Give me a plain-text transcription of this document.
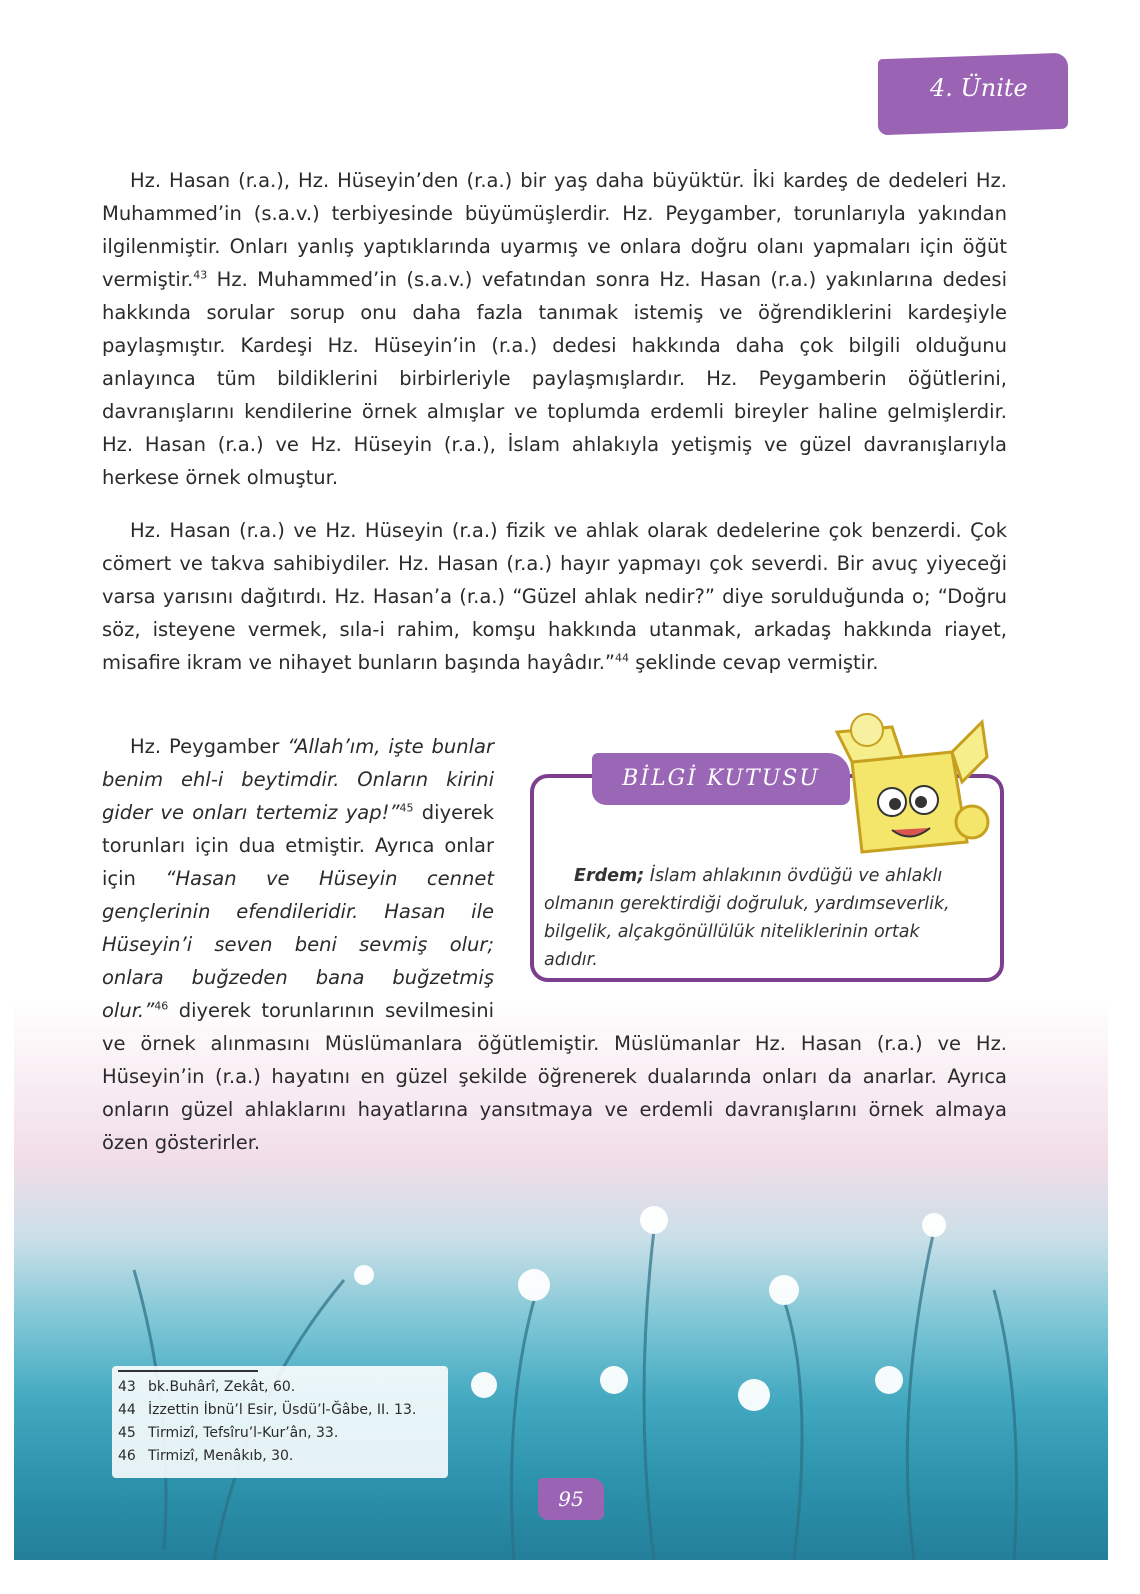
4. Ünite

Hz. Hasan (r.a.), Hz. Hüseyin’den (r.a.) bir yaş daha büyüktür. İki kardeş de dedeleri Hz. Muhammed’in (s.a.v.) terbiyesinde büyümüşlerdir. Hz. Peygamber, torunlarıyla yakından ilgilenmiştir. Onları yanlış yaptıklarında uyarmış ve onlara doğru olanı yapmaları için öğüt vermiştir.$^{43}$ Hz. Muhammed’in (s.a.v.) vefatından sonra Hz. Hasan (r.a.) yakınlarına dedesi hakkında sorular sorup onu daha fazla tanımak istemiş ve öğrendiklerini kardeşiyle paylaşmıştır. Kardeşi Hz. Hüseyin’in (r.a.) dedesi hakkında daha çok bilgili olduğunu anlayınca tüm bildiklerini birbirleriyle paylaşmışlardır. Hz. Peygamberin öğütlerini, davranışlarını kendilerine örnek almışlar ve toplumda erdemli bireyler haline gelmişlerdir. Hz. Hasan (r.a.) ve Hz. Hüseyin (r.a.), İslam ahlakıyla yetişmiş ve güzel davranışlarıyla herkese örnek olmuştur.

Hz. Hasan (r.a.) ve Hz. Hüseyin (r.a.) fizik ve ahlak olarak dedelerine çok benzerdi. Çok cömert ve takva sahibiydiler. Hz. Hasan (r.a.) hayır yapmayı çok severdi. Bir avuç yiyeceği varsa yarısını dağıtırdı. Hz. Hasan’a (r.a.) “Güzel ahlak nedir?” diye sorulduğunda o; “Doğru söz, isteyene vermek, sıla-i rahim, komşu hakkında utanmak, arkadaş hakkında riayet, misafire ikram ve nihayet bunların başında hayâdır.”$^{44}$ şeklinde cevap vermiştir.

Hz. Peygamber “Allah’ım, işte bunlar benim ehl-i beytimdir. Onların kirini gider ve onları tertemiz yap!”$^{45}$ diyerek torunları için dua etmiştir. Ayrıca onlar için “Hasan ve Hüseyin cennet gençlerinin efendileridir. Hasan ile Hüseyin’i seven beni sevmiş olur; onlara buğzeden bana buğzetmiş olur.”$^{46}$ diyerek torunlarının sevilmesini ve örnek alınmasını Müslümanlara öğütlemiştir. Müslümanlar Hz. Hasan (r.a.) ve Hz. Hüseyin’in (r.a.) hayatını en güzel şekilde öğrenerek dualarında onları da anarlar. Ayrıca onların güzel ahlaklarını hayatlarına yansıtmaya ve erdemli davranışlarını örnek almaya özen gösterirler.

BİLGİ KUTUSU
Erdem; İslam ahlakının övdüğü ve ahlaklı olmanın gerektirdiği doğruluk, yardımseverlik, bilgelik, alçakgönüllülük niteliklerinin ortak adıdır.
43 bk.Buhârî, Zekât, 60.
44 İzzettin İbnü’l Esir, Üsdü’l-Ğâbe, II. 13.
45 Tirmizî, Tefsîru’l-Kur’ân, 33.
46 Tirmizî, Menâkıb, 30.
95
